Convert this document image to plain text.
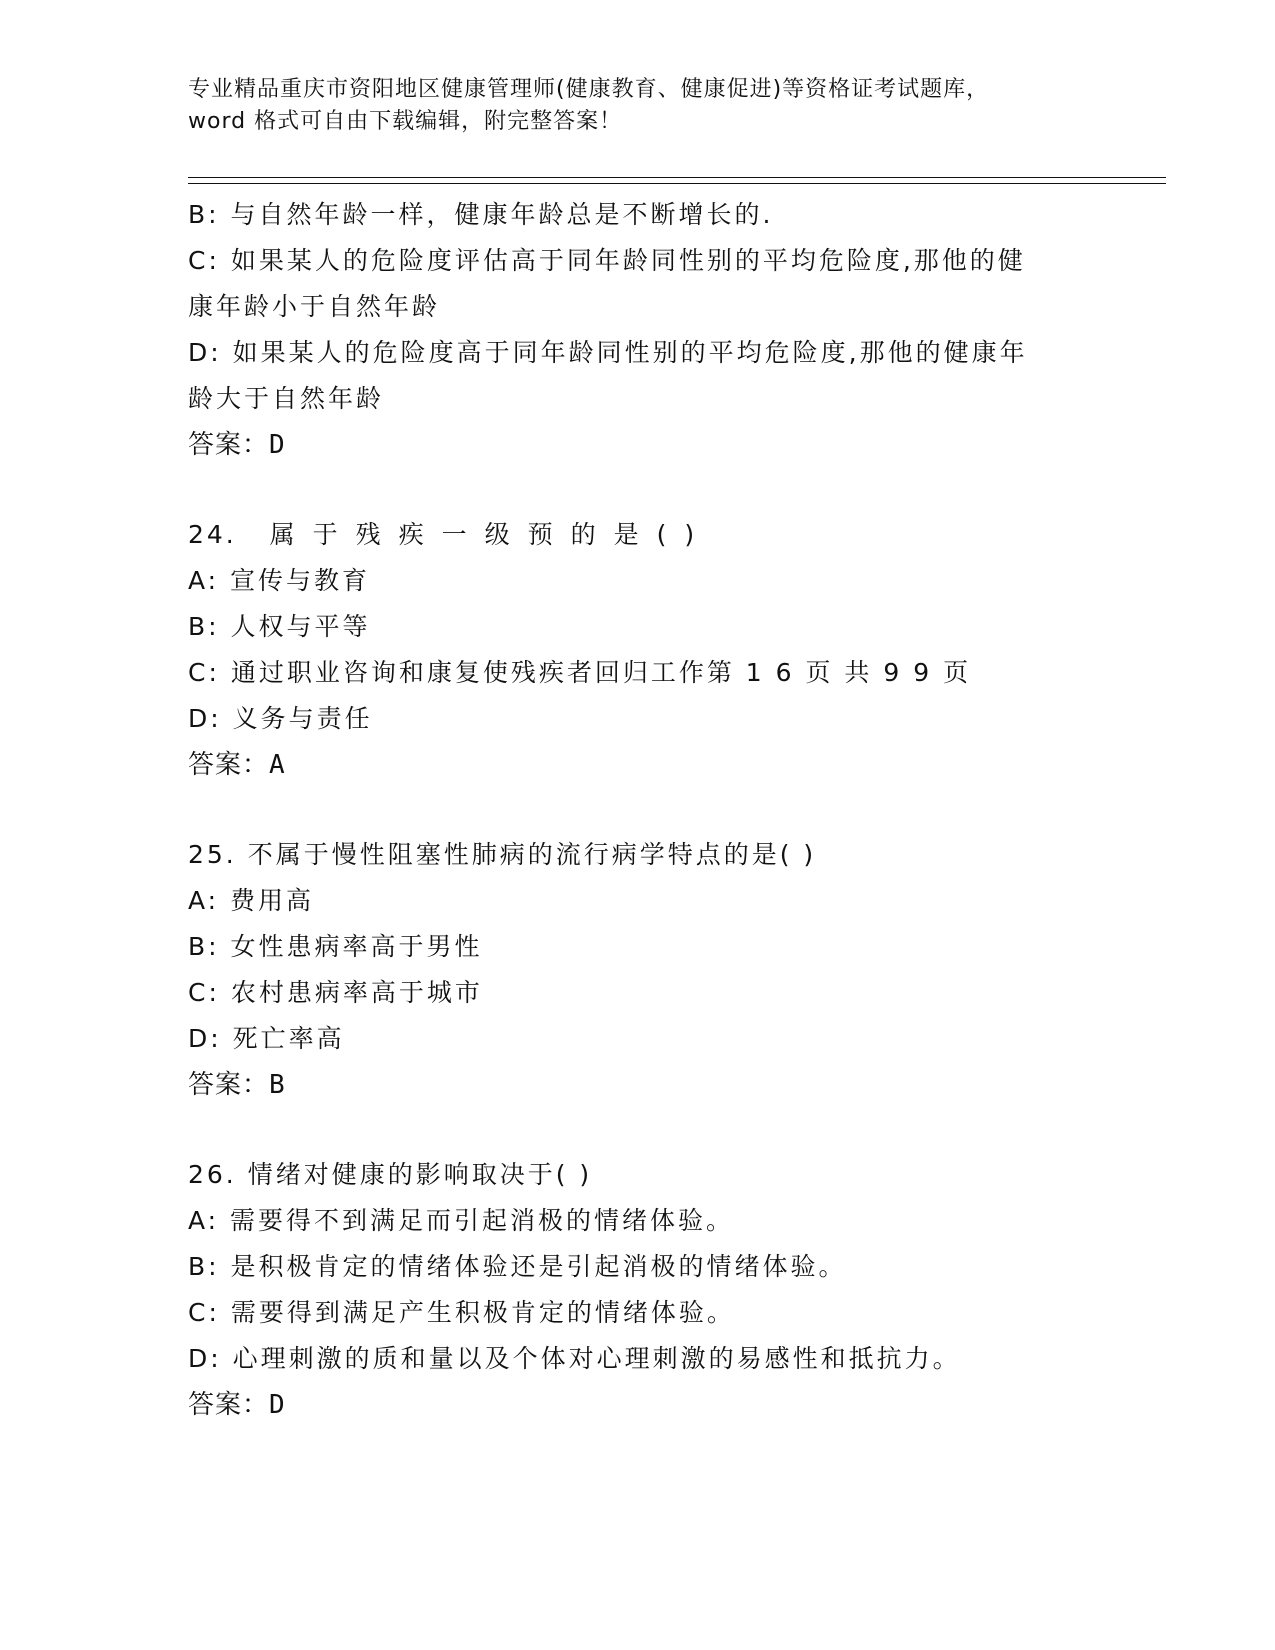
专业精品重庆市资阳地区健康管理师(健康教育、健康促进)等资格证考试题库，
word 格式可自由下载编辑，附完整答案！
B: 与自然年龄一样，健康年龄总是不断增长的.
C: 如果某人的危险度评估高于同年龄同性别的平均危险度,那他的健
康年龄小于自然年龄
D: 如果某人的危险度高于同年龄同性别的平均危险度,那他的健康年
龄大于自然年龄
答案：D
24. 属于残疾一级预的是()
A: 宣传与教育
B: 人权与平等
C: 通过职业咨询和康复使残疾者回归工作第 1 6 页 共 9 9 页
D: 义务与责任
答案：A
25. 不属于慢性阻塞性肺病的流行病学特点的是( )
A: 费用高
B: 女性患病率高于男性
C: 农村患病率高于城市
D: 死亡率高
答案：B
26. 情绪对健康的影响取决于( )
A: 需要得不到满足而引起消极的情绪体验。
B: 是积极肯定的情绪体验还是引起消极的情绪体验。
C: 需要得到满足产生积极肯定的情绪体验。
D: 心理刺激的质和量以及个体对心理刺激的易感性和抵抗力。
答案：D
